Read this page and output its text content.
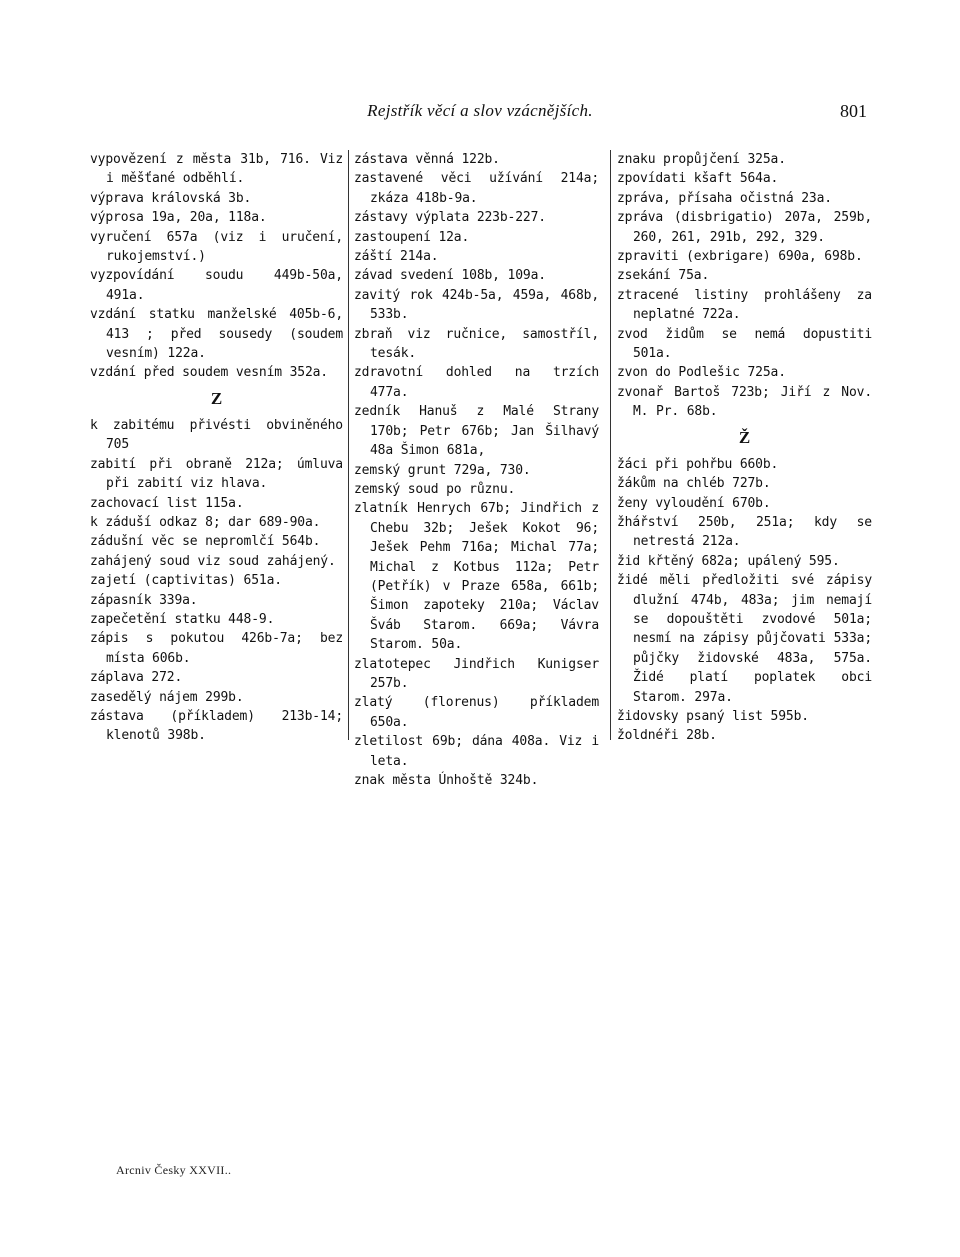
Rejstřík věcí a slov vzácnějších.	801

vypovězení z města 31b, 716. Viz i měšťané odběhlí.

výprava královská 3b.

výprosa 19a, 20a, 118a.

vyručení 657a (viz i uručení, rukojemství.)

vyzpovídání soudu 449b-50a, 491a.

vzdání statku manželské 405b-6, 413 ; před sousedy (soudem vesním) 122a.

vzdání před soudem vesním 352a.

Z

k zabitému přivésti obviněného 705

zabití při obraně 212a; úmluva při zabití viz hlava.

zachovací list 115a.

k záduší odkaz 8; dar 689-90a.

zádušní věc se nepromlčí 564b.

zahájený soud viz soud zahájený.

zajetí (captivitas) 651a.

zápasník 339a.

zapečetění statku 448-9.

zápis s pokutou 426b-7a; bez místa 606b.

záplava 272.

zasedělý nájem 299b.

zástava (příkladem) 213b-14; klenotů 398b.

zástava věnná 122b.

zastavené věci užívání 214a; zkáza 418b-9a.

zástavy výplata 223b-227.

zastoupení 12a.

záští 214a.

závad svedení 108b, 109a.

zavitý rok 424b-5a, 459a, 468b, 533b.

zbraň viz ručnice, samostříl, tesák.

zdravotní dohled na trzích 477a.

zedník Hanuš z Malé Strany 170b; Petr 676b; Jan Šilhavý 48a Šimon 681a,

zemský grunt 729a, 730.

zemský soud po různu.

zlatník Henrych 67b; Jindřich z Chebu 32b; Ješek Kokot 96; Ješek Pehm 716a; Michal 77a; Michal z Kotbus 112a; Petr (Petřík) v Praze 658a, 661b; Šimon zapoteky 210a; Václav Šváb Starom. 669a; Vávra Starom. 50a.

zlatotepec Jindřich Kunigser 257b.

zlatý (florenus) příkladem 650a.

zletilost 69b; dána 408a. Viz i leta.

znak města Únhoště 324b.

znaku propůjčení 325a.

zpovídati kšaft 564a.

zpráva, přísaha očistná 23a.

zpráva (disbrigatio) 207a, 259b, 260, 261, 291b, 292, 329.

zpraviti (exbrigare) 690a, 698b.

zsekání 75a.

ztracené listiny prohlášeny za neplatné 722a.

zvod židům se nemá dopustiti 501a.

zvon do Podlešic 725a.

zvonař Bartoš 723b; Jiří z Nov. M. Pr. 68b.

Ž

žáci při pohřbu 660b.

žákům na chléb 727b.

ženy vyloudění 670b.

žhářství 250b, 251a; kdy se netrestá 212a.

žid křtěný 682a; upálený 595.

židé měli předložiti své zápisy dlužní 474b, 483a; jim nemají se dopouštěti zvodové 501a; nesmí na zápisy půjčovati 533a; půjčky židovské 483a, 575a. Židé platí poplatek obci Starom. 297a.

židovsky psaný list 595b.

žoldnéři 28b.

Arcniv Česky XXVII..
